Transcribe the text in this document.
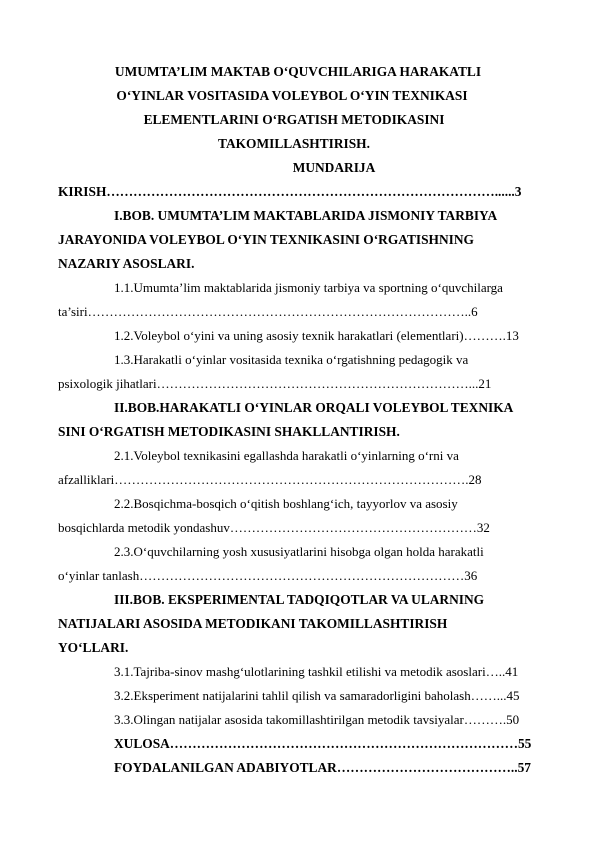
UMUMTA’LIM MAKTAB O‘QUVCHILARIGA HARAKATLI
O‘YINLAR VOSITASIDA VOLEYBOL O‘YIN TEXNIKASI
ELEMENTLARINI O‘RGATISH METODIKASINI
TAKOMILLASHTIRISH.
MUNDARIJA
KIRISH……………………………………………………………………………......3
I.BOB. UMUMTA’LIM MAKTABLARIDA JISMONIY TARBIYA
JARAYONIDA VOLEYBOL O‘YIN TEXNIKASINI O‘RGATISHNING
NAZARIY ASOSLARI.
1.1.Umumta’lim maktablarida jismoniy tarbiya va sportning o‘quvchilarga
ta’siri……………………………………………………………………………..6
1.2.Voleybol o‘yini va uning asosiy texnik harakatlari (elementlari)……….13
1.3.Harakatli o‘yinlar vositasida texnika o‘rgatishning pedagogik va
psixologik jihatlari………………………………………………………………...21
II.BOB.HARAKATLI O‘YINLAR ORQALI VOLEYBOL TEXNIKA
SINI O‘RGATISH METODIKASINI SHAKLLANTIRISH.
2.1.Voleybol texnikasini egallashda harakatli o‘yinlarning o‘rni va
afzalliklari……………………………………………………………………….28
2.2.Bosqichma-bosqich o‘qitish boshlang‘ich, tayyorlov va asosiy
bosqichlarda metodik yondashuv…………………………………………………32
2.3.O‘quvchilarning yosh xususiyatlarini hisobga olgan holda harakatli
o‘yinlar tanlash…………………………………………………………………36
III.BOB. EKSPERIMENTAL TADQIQOTLAR VA ULARNING
NATIJALARI ASOSIDA METODIKANI TAKOMILLASHTIRISH
YO‘LLARI.
3.1.Tajriba-sinov mashg‘ulotlarining tashkil etilishi va metodik asoslari…..41
3.2.Eksperiment natijalarini tahlil qilish va samaradorligini baholash……...45
3.3.Olingan natijalar asosida takomillashtirilgan metodik tavsiyalar……….50
XULOSA……………………………………………………………………55
FOYDALANILGAN ADABIYOTLAR…………………………………..57
